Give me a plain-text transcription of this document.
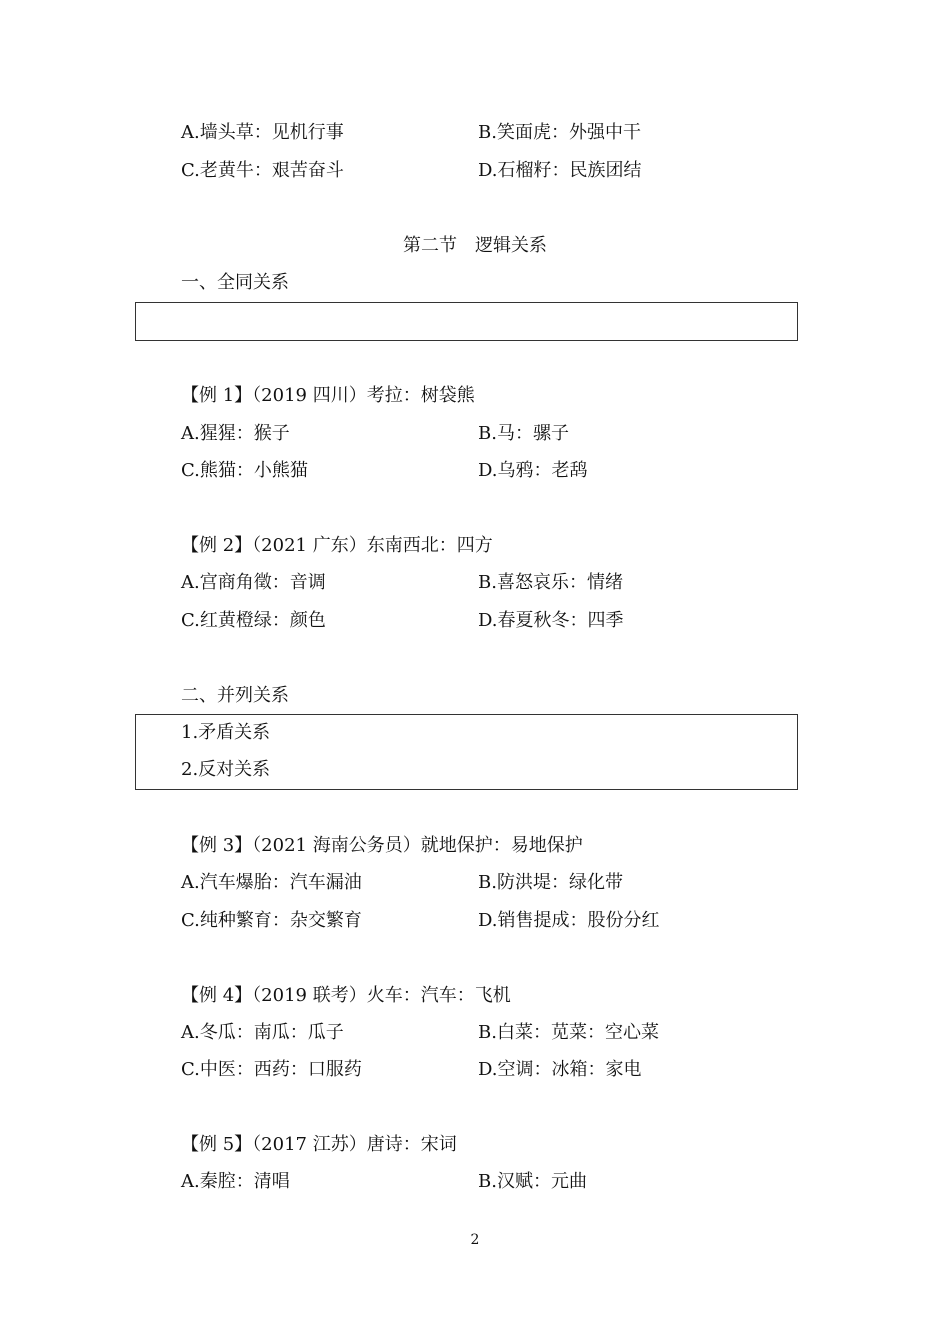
A.墙头草：见机行事	B.笑面虎：外强中干
C.老黄牛：艰苦奋斗	D.石榴籽：民族团结
第二节　逻辑关系
一、全同关系
【例 1】（2019 四川）考拉：树袋熊
A.猩猩：猴子	B.马：骡子
C.熊猫：小熊猫	D.乌鸦：老鸹
【例 2】（2021 广东）东南西北：四方
A.宫商角徵：音调	B.喜怒哀乐：情绪
C.红黄橙绿：颜色	D.春夏秋冬：四季
二、并列关系
1.矛盾关系
2.反对关系
【例 3】（2021 海南公务员）就地保护：易地保护
A.汽车爆胎：汽车漏油	B.防洪堤：绿化带
C.纯种繁育：杂交繁育	D.销售提成：股份分红
【例 4】（2019 联考）火车：汽车：飞机
A.冬瓜：南瓜：瓜子	B.白菜：苋菜：空心菜
C.中医：西药：口服药	D.空调：冰箱：家电
【例 5】（2017 江苏）唐诗：宋词
A.秦腔：清唱	B.汉赋：元曲
2
